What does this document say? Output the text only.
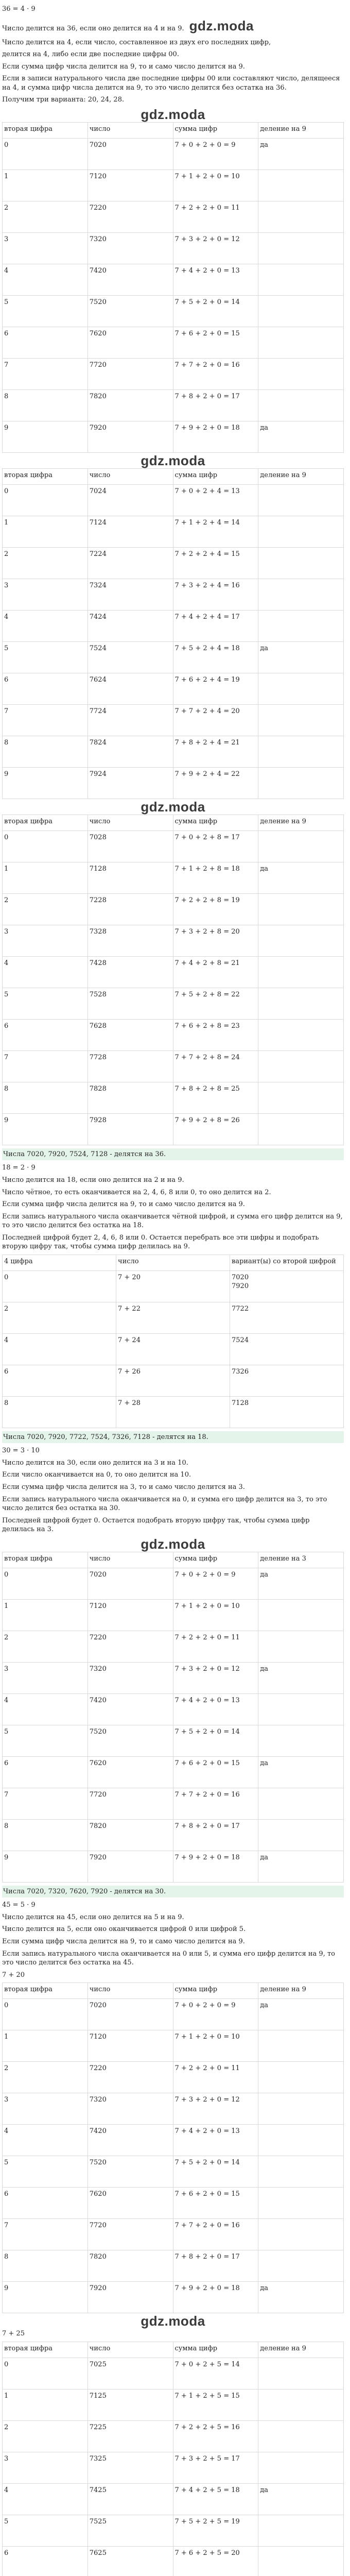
36 = 4 · 9
Число делится на 36, если оно делится на 4 и на 9. gdz.moda
Число делится на 4, если число, составленное из двух его последних цифр,
делится на 4, либо если две последние цифры 00.
Если сумма цифр числа делится на 9, то и само число делится на 9.
Если в записи натурального числа две последние цифры 00 или составляют число, делящееся на 4, и сумма цифр числа делится на 9, то это число делится без остатка на 36.
Получим три варианта: 20, 24, 28.
gdz.moda
вторая цифра	число	сумма цифр	деление на 9
0	7020	7 + 0 + 2 + 0 = 9	да
1	7120	7 + 1 + 2 + 0 = 10	
2	7220	7 + 2 + 2 + 0 = 11	
3	7320	7 + 3 + 2 + 0 = 12	
4	7420	7 + 4 + 2 + 0 = 13	
5	7520	7 + 5 + 2 + 0 = 14	
6	7620	7 + 6 + 2 + 0 = 15	
7	7720	7 + 7 + 2 + 0 = 16	
8	7820	7 + 8 + 2 + 0 = 17	
9	7920	7 + 9 + 2 + 0 = 18	да
gdz.moda
вторая цифра	число	сумма цифр	деление на 9
0	7024	7 + 0 + 2 + 4 = 13	
1	7124	7 + 1 + 2 + 4 = 14	
2	7224	7 + 2 + 2 + 4 = 15	
3	7324	7 + 3 + 2 + 4 = 16	
4	7424	7 + 4 + 2 + 4 = 17	
5	7524	7 + 5 + 2 + 4 = 18	да
6	7624	7 + 6 + 2 + 4 = 19	
7	7724	7 + 7 + 2 + 4 = 20	
8	7824	7 + 8 + 2 + 4 = 21	
9	7924	7 + 9 + 2 + 4 = 22	
gdz.moda
вторая цифра	число	сумма цифр	деление на 9
0	7028	7 + 0 + 2 + 8 = 17	
1	7128	7 + 1 + 2 + 8 = 18	да
2	7228	7 + 2 + 2 + 8 = 19	
3	7328	7 + 3 + 2 + 8 = 20	
4	7428	7 + 4 + 2 + 8 = 21	
5	7528	7 + 5 + 2 + 8 = 22	
6	7628	7 + 6 + 2 + 8 = 23	
7	7728	7 + 7 + 2 + 8 = 24	
8	7828	7 + 8 + 2 + 8 = 25	
9	7928	7 + 9 + 2 + 8 = 26	
Числа 7020, 7920, 7524, 7128 - делятся на 36.
18 = 2 · 9
Число делится на 18, если оно делится на 2 и на 9.
Число чётное, то есть оканчивается на 2, 4, 6, 8 или 0, то оно делится на 2.
Если сумма цифр числа делится на 9, то и само число делится на 9.
Если запись натурального числа оканчивается чётной цифрой, и сумма его цифр делится на 9, то это число делится без остатка на 18.
Последней цифрой будет 2, 4, 6, 8 или 0. Остается перебрать все эти цифры и подобрать вторую цифру так, чтобы сумма цифр делилась на 9.
4 цифра	число	вариант(ы) со второй цифрой
0	7 + 20	7020
7920
2	7 + 22	7722
4	7 + 24	7524
6	7 + 26	7326
8	7 + 28	7128
Числа 7020, 7920, 7722, 7524, 7326, 7128 - делятся на 18.
30 = 3 · 10
Число делится на 30, если оно делится на 3 и на 10.
Если число оканчивается на 0, то оно делится на 10.
Если сумма цифр числа делится на 3, то и само число делится на 3.
Если запись натурального числа оканчивается на 0, и сумма его цифр делится на 3, то это число делится без остатка на 30.
Последней цифрой будет 0. Остается подобрать вторую цифру так, чтобы сумма цифр делилась на 3.
gdz.moda
вторая цифра	число	сумма цифр	деление на 3
0	7020	7 + 0 + 2 + 0 = 9	да
1	7120	7 + 1 + 2 + 0 = 10	
2	7220	7 + 2 + 2 + 0 = 11	
3	7320	7 + 3 + 2 + 0 = 12	да
4	7420	7 + 4 + 2 + 0 = 13	
5	7520	7 + 5 + 2 + 0 = 14	
6	7620	7 + 6 + 2 + 0 = 15	да
7	7720	7 + 7 + 2 + 0 = 16	
8	7820	7 + 8 + 2 + 0 = 17	
9	7920	7 + 9 + 2 + 0 = 18	да
Числа 7020, 7320, 7620, 7920 - делятся на 30.
45 = 5 · 9
Число делится на 45, если оно делится на 5 и на 9.
Число делится на 5, если оно оканчивается цифрой 0 или цифрой 5.
Если сумма цифр числа делится на 9, то и само число делится на 9.
Если запись натурального числа оканчивается на 0 или 5, и сумма его цифр делится на 9, то это число делится без остатка на 45.
7 + 20
вторая цифра	число	сумма цифр	деление на 9
0	7020	7 + 0 + 2 + 0 = 9	да
1	7120	7 + 1 + 2 + 0 = 10	
2	7220	7 + 2 + 2 + 0 = 11	
3	7320	7 + 3 + 2 + 0 = 12	
4	7420	7 + 4 + 2 + 0 = 13	
5	7520	7 + 5 + 2 + 0 = 14	
6	7620	7 + 6 + 2 + 0 = 15	
7	7720	7 + 7 + 2 + 0 = 16	
8	7820	7 + 8 + 2 + 0 = 17	
9	7920	7 + 9 + 2 + 0 = 18	да
gdz.moda
7 + 25
вторая цифра	число	сумма цифр	деление на 9
0	7025	7 + 0 + 2 + 5 = 14	
1	7125	7 + 1 + 2 + 5 = 15	
2	7225	7 + 2 + 2 + 5 = 16	
3	7325	7 + 3 + 2 + 5 = 17	
4	7425	7 + 4 + 2 + 5 = 18	да
5	7525	7 + 5 + 2 + 5 = 19	
6	7625	7 + 6 + 2 + 5 = 20	
